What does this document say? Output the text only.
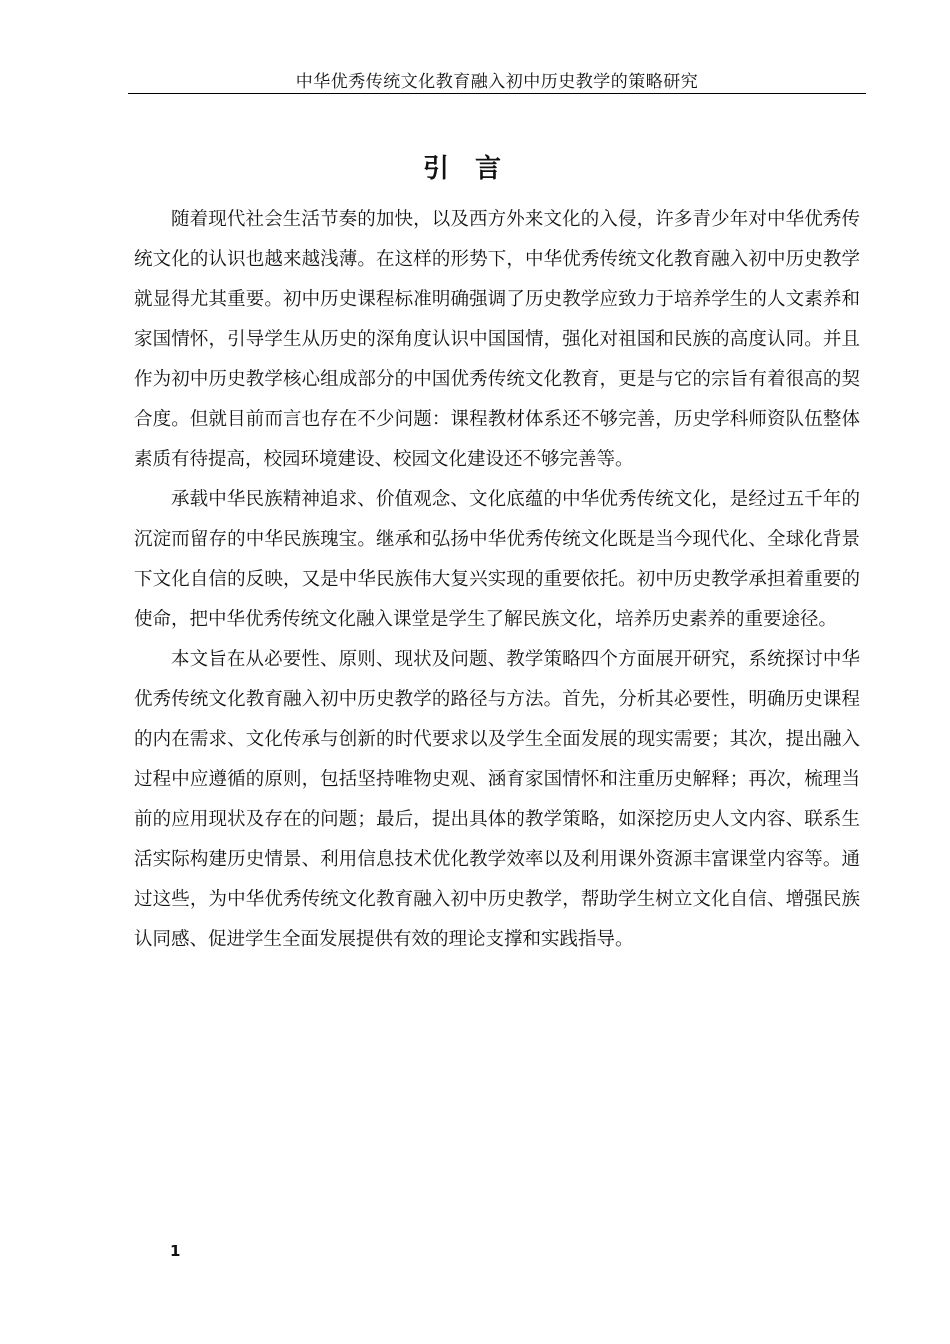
中华优秀传统文化教育融入初中历史教学的策略研究
引言

随着现代社会生活节奏的加快，以及西方外来文化的入侵，许多青少年对中华优秀传统文化的认识也越来越浅薄。在这样的形势下，中华优秀传统文化教育融入初中历史教学就显得尤其重要。初中历史课程标准明确强调了历史教学应致力于培养学生的人文素养和家国情怀，引导学生从历史的深角度认识中国国情，强化对祖国和民族的高度认同。并且作为初中历史教学核心组成部分的中国优秀传统文化教育，更是与它的宗旨有着很高的契合度。但就目前而言也存在不少问题：课程教材体系还不够完善，历史学科师资队伍整体素质有待提高，校园环境建设、校园文化建设还不够完善等。

承载中华民族精神追求、价值观念、文化底蕴的中华优秀传统文化，是经过五千年的沉淀而留存的中华民族瑰宝。继承和弘扬中华优秀传统文化既是当今现代化、全球化背景下文化自信的反映，又是中华民族伟大复兴实现的重要依托。初中历史教学承担着重要的使命，把中华优秀传统文化融入课堂是学生了解民族文化，培养历史素养的重要途径。

本文旨在从必要性、原则、现状及问题、教学策略四个方面展开研究，系统探讨中华优秀传统文化教育融入初中历史教学的路径与方法。首先，分析其必要性，明确历史课程的内在需求、文化传承与创新的时代要求以及学生全面发展的现实需要；其次，提出融入过程中应遵循的原则，包括坚持唯物史观、涵育家国情怀和注重历史解释；再次，梳理当前的应用现状及存在的问题；最后，提出具体的教学策略，如深挖历史人文内容、联系生活实际构建历史情景、利用信息技术优化教学效率以及利用课外资源丰富课堂内容等。通过这些，为中华优秀传统文化教育融入初中历史教学，帮助学生树立文化自信、增强民族认同感、促进学生全面发展提供有效的理论支撑和实践指导。

1
